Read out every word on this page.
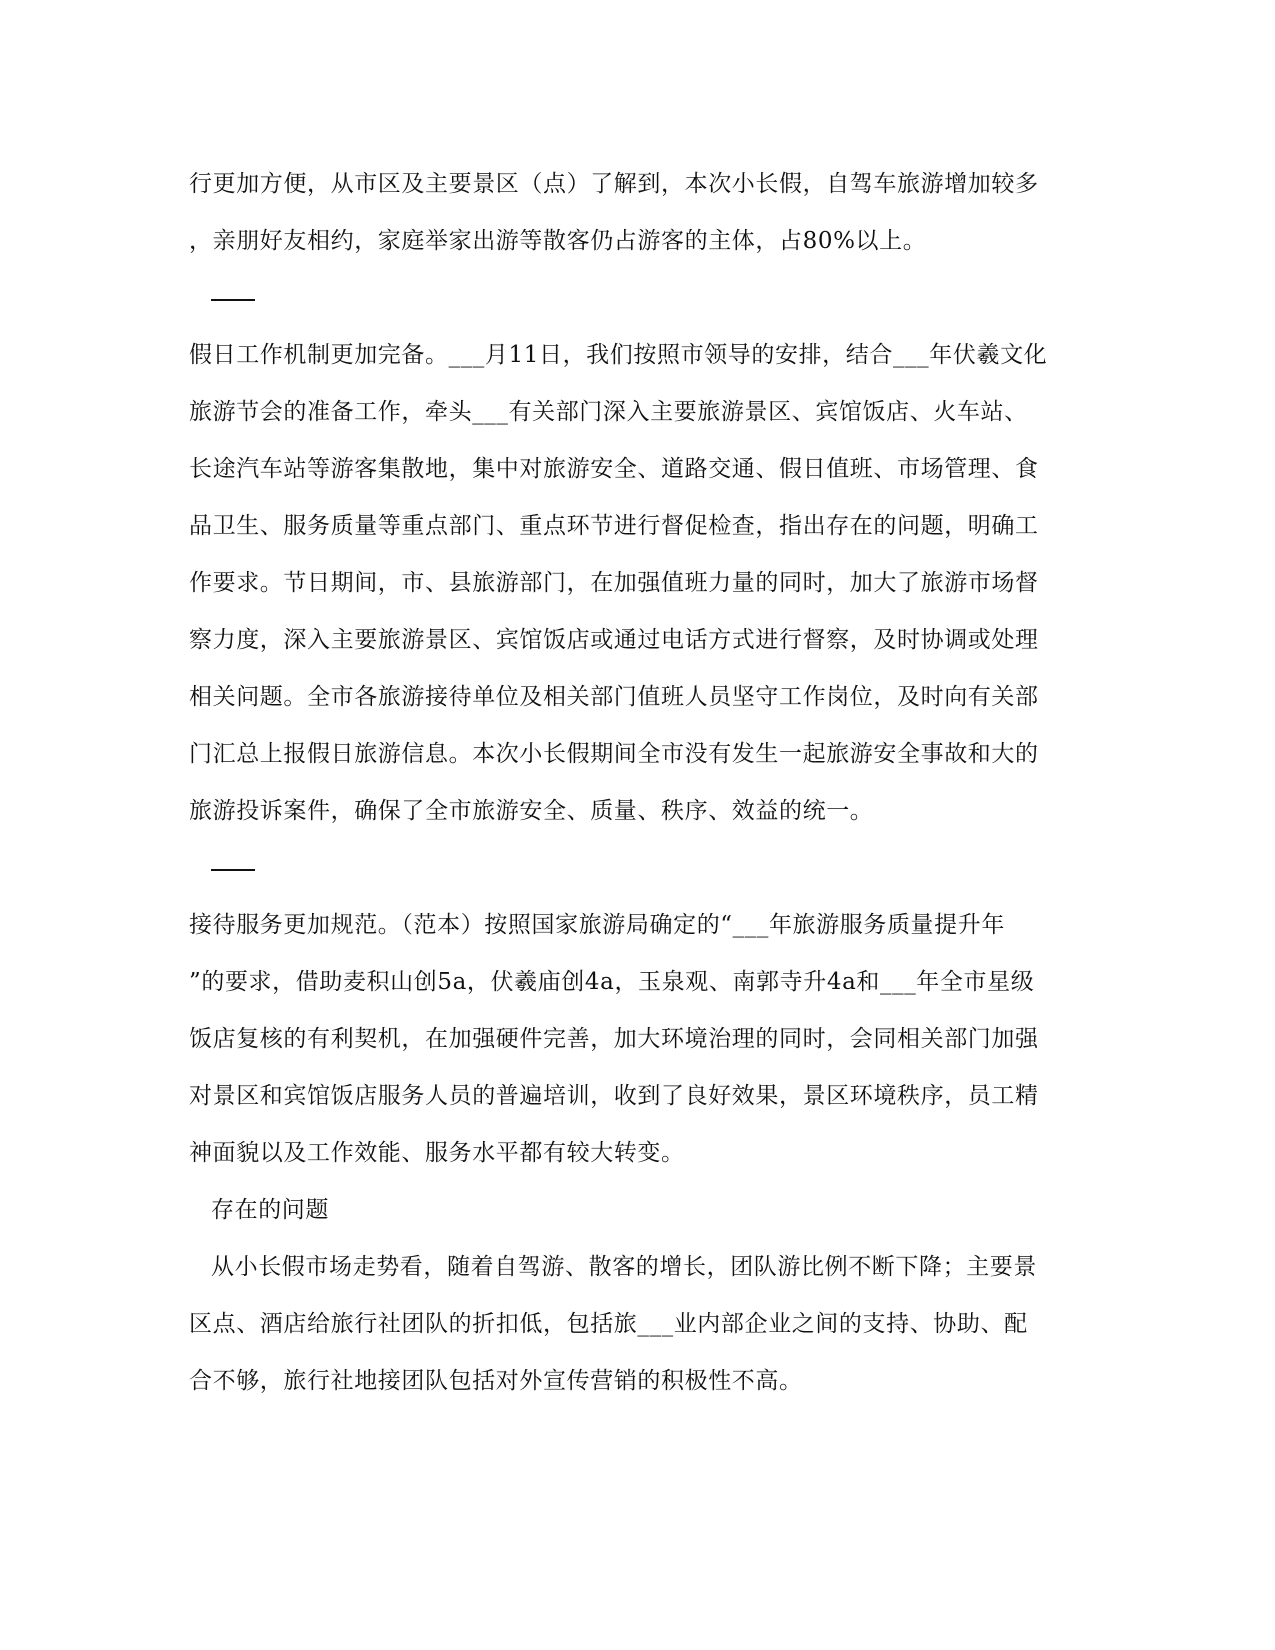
行更加方便，从市区及主要景区（点）了解到，本次小长假，自驾车旅游增加较多
，亲朋好友相约，家庭举家出游等散客仍占游客的主体，占80%以上。
假日工作机制更加完备。___月11日，我们按照市领导的安排，结合___年伏羲文化
旅游节会的准备工作，牵头___有关部门深入主要旅游景区、宾馆饭店、火车站、
长途汽车站等游客集散地，集中对旅游安全、道路交通、假日值班、市场管理、食
品卫生、服务质量等重点部门、重点环节进行督促检查，指出存在的问题，明确工
作要求。节日期间，市、县旅游部门，在加强值班力量的同时，加大了旅游市场督
察力度，深入主要旅游景区、宾馆饭店或通过电话方式进行督察，及时协调或处理
相关问题。全市各旅游接待单位及相关部门值班人员坚守工作岗位，及时向有关部
门汇总上报假日旅游信息。本次小长假期间全市没有发生一起旅游安全事故和大的
旅游投诉案件，确保了全市旅游安全、质量、秩序、效益的统一。
接待服务更加规范。（范本）按照国家旅游局确定的“___年旅游服务质量提升年
”的要求，借助麦积山创5a，伏羲庙创4a，玉泉观、南郭寺升4a和___年全市星级
饭店复核的有利契机，在加强硬件完善，加大环境治理的同时，会同相关部门加强
对景区和宾馆饭店服务人员的普遍培训，收到了良好效果，景区环境秩序，员工精
神面貌以及工作效能、服务水平都有较大转变。
存在的问题
从小长假市场走势看，随着自驾游、散客的增长，团队游比例不断下降；主要景
区点、酒店给旅行社团队的折扣低，包括旅___业内部企业之间的支持、协助、配
合不够，旅行社地接团队包括对外宣传营销的积极性不高。
